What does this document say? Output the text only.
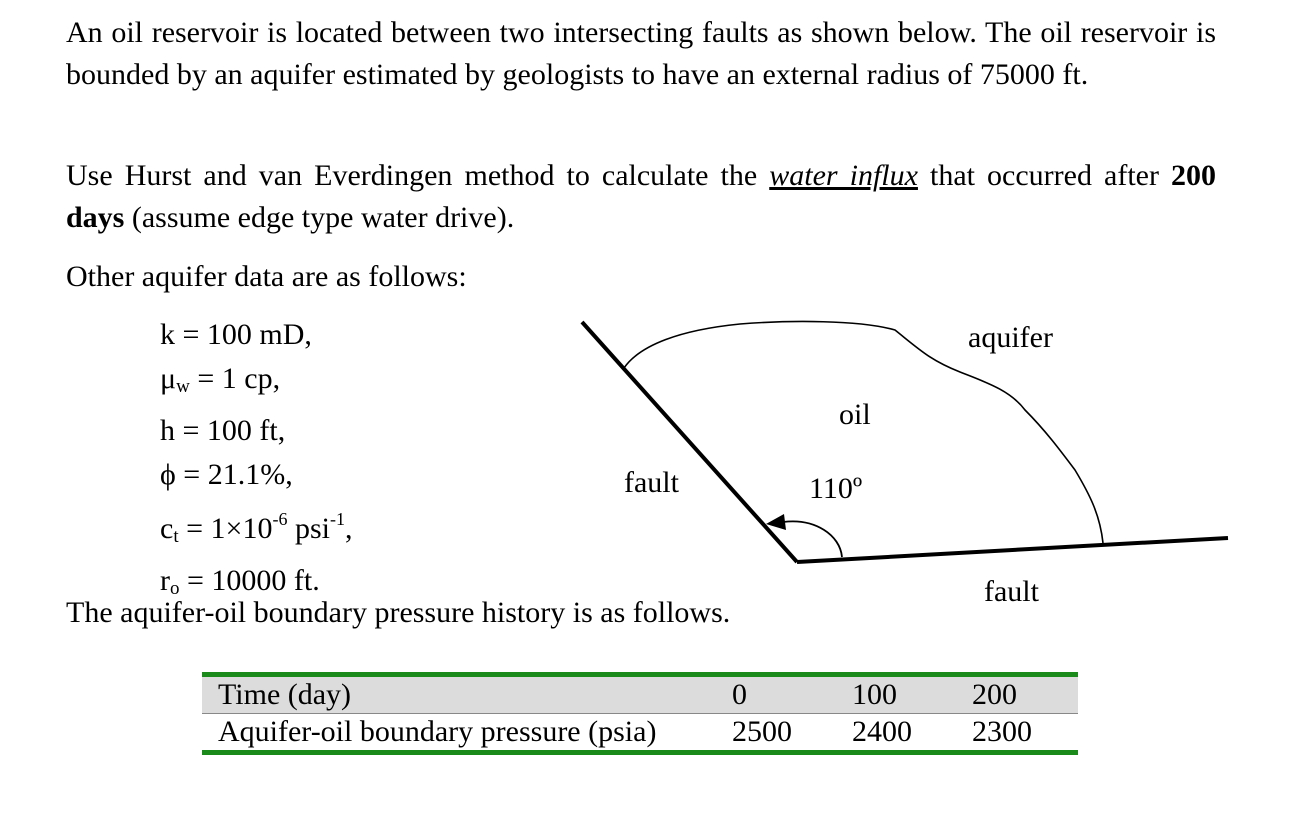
An oil reservoir is located between two intersecting faults as shown below. The oil reservoir is bounded by an aquifer estimated by geologists to have an external radius of 75000 ft.
Use Hurst and van Everdingen method to calculate the water influx that occurred after 200 days (assume edge type water drive).
Other aquifer data are as follows:
k = 100 mD,
$\mu_w = 1$ cp,
h = 100 ft,
ϕ = 21.1%,
$c_t = 1\times 10^{-6}$ psi$^{-1}$,
$r_o = 10000$ ft.
aquifer
oil
fault	110º
fault
The aquifer-oil boundary pressure history is as follows.
Time (day)	0	100	200
Aquifer-oil boundary pressure (psia)	2500	2400	2300
